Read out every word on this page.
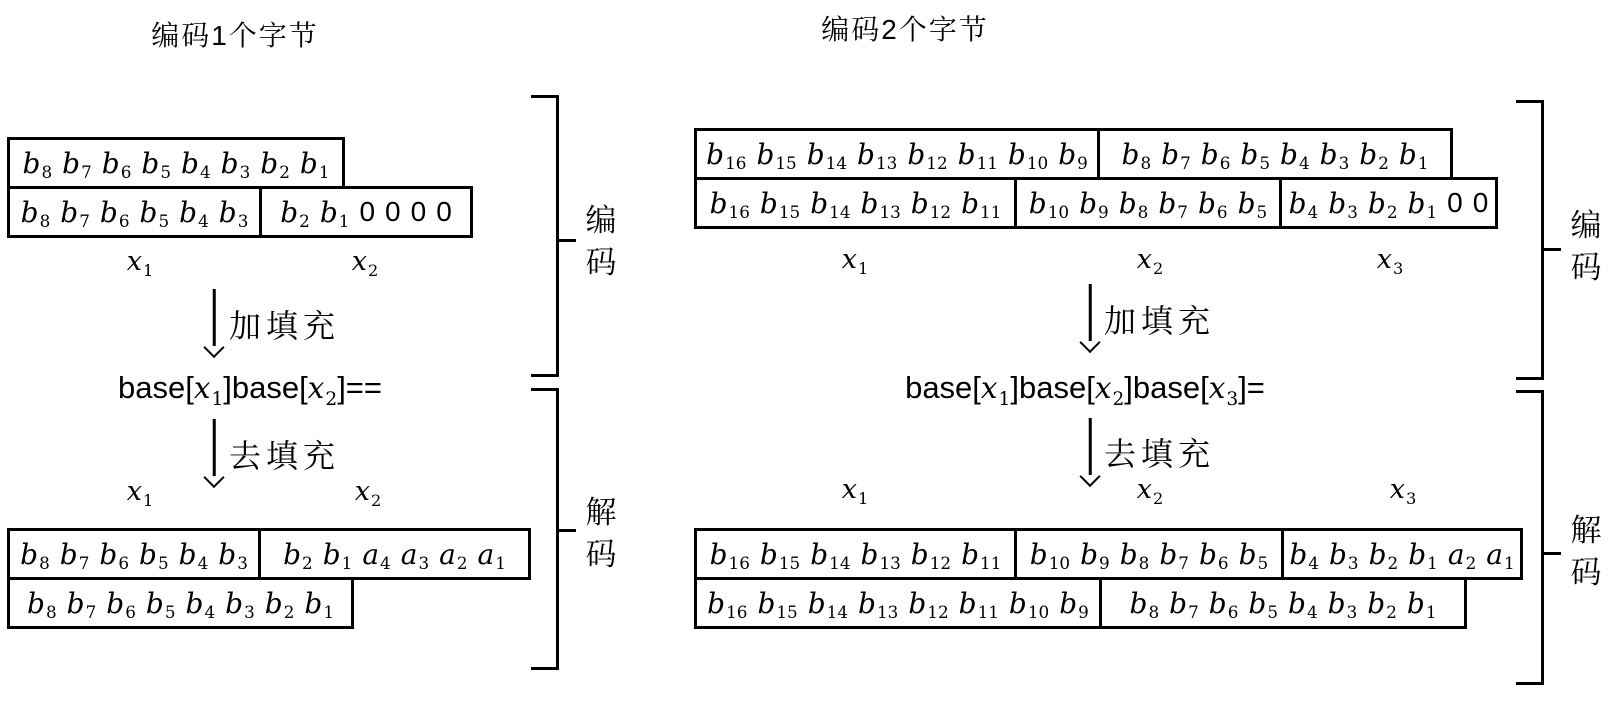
编码1个字节
$b_8$ $b_7$ $b_6$ $b_5$ $b_4$ $b_3$ $b_2$ $b_1$
$b_8$ $b_7$ $b_6$ $b_5$ $b_4$ $b_3$ $b_2$ $b_1$ 0 0 0 0
$x_1$	$x_2$
加填充
$base[x_1]base[x_2]==$
去填充
$x_1$	$x_2$
$b_8$ $b_7$ $b_6$ $b_5$ $b_4$ $b_3$ $b_2$ $b_1$ $a_4$ $a_3$ $a_2$ $a_1$
$b_8$ $b_7$ $b_6$ $b_5$ $b_4$ $b_3$ $b_2$ $b_1$
编码
解码
编码2个字节
$b_{16}$ $b_{15}$ $b_{14}$ $b_{13}$ $b_{12}$ $b_{11}$ $b_{10}$ $b_9$ $b_8$ $b_7$ $b_6$ $b_5$ $b_4$ $b_3$ $b_2$ $b_1$
$b_{16}$ $b_{15}$ $b_{14}$ $b_{13}$ $b_{12}$ $b_{11}$ $b_{10}$ $b_9$ $b_8$ $b_7$ $b_6$ $b_5$ $b_4$ $b_3$ $b_2$ $b_1$ 0 0
$x_1$	$x_2$	$x_3$
加填充
$base[x_1]base[x_2]base[x_3]=$
去填充
$x_1$	$x_2$	$x_3$
$b_{16}$ $b_{15}$ $b_{14}$ $b_{13}$ $b_{12}$ $b_{11}$ $b_{10}$ $b_9$ $b_8$ $b_7$ $b_6$ $b_5$ $b_4$ $b_3$ $b_2$ $b_1$ $a_2$ $a_1$
$b_{16}$ $b_{15}$ $b_{14}$ $b_{13}$ $b_{12}$ $b_{11}$ $b_{10}$ $b_9$ $b_8$ $b_7$ $b_6$ $b_5$ $b_4$ $b_3$ $b_2$ $b_1$
编码
解码
